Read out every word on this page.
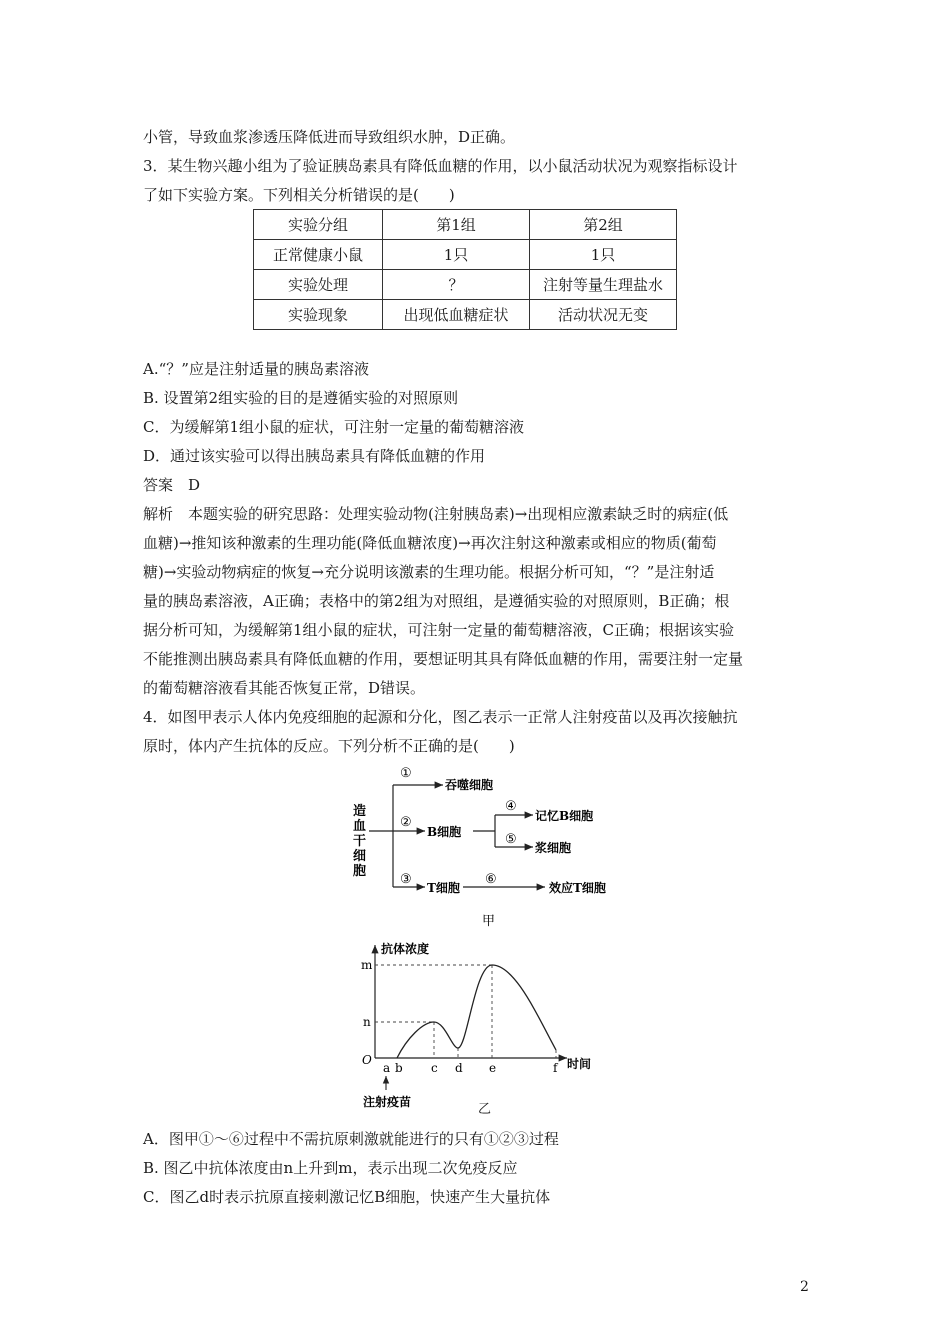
小管，导致血浆渗透压降低进而导致组织水肿，D正确。
3．某生物兴趣小组为了验证胰岛素具有降低血糖的作用，以小鼠活动状况为观察指标设计
了如下实验方案。下列相关分析错误的是(　　)
实验分组	第1组	第2组
正常健康小鼠	1只	1只
实验处理	？	注射等量生理盐水
实验现象	出现低血糖症状	活动状况无变
A.“？”应是注射适量的胰岛素溶液
B. 设置第2组实验的目的是遵循实验的对照原则
C．为缓解第1组小鼠的症状，可注射一定量的葡萄糖溶液
D．通过该实验可以得出胰岛素具有降低血糖的作用
答案　D
解析　本题实验的研究思路：处理实验动物(注射胰岛素)→出现相应激素缺乏时的病症(低
血糖)→推知该种激素的生理功能(降低血糖浓度)→再次注射这种激素或相应的物质(葡萄
糖)→实验动物病症的恢复→充分说明该激素的生理功能。根据分析可知，“？”是注射适
量的胰岛素溶液，A正确；表格中的第2组为对照组，是遵循实验的对照原则，B正确；根
据分析可知，为缓解第1组小鼠的症状，可注射一定量的葡萄糖溶液，C正确；根据该实验
不能推测出胰岛素具有降低血糖的作用，要想证明其具有降低血糖的作用，需要注射一定量
的葡萄糖溶液看其能否恢复正常，D错误。
4．如图甲表示人体内免疫细胞的起源和分化，图乙表示一正常人注射疫苗以及再次接触抗
原时，体内产生抗体的反应。下列分析不正确的是(　　)
造
血
干
细
胞
①
②
③
吞噬细胞
B细胞
T细胞
④
⑤
记忆B细胞
浆细胞
⑥
效应T细胞
甲
抗体浓度
时间
O
m
n
a b c d e	f
注射疫苗	乙
A．图甲①～⑥过程中不需抗原刺激就能进行的只有①②③过程
B. 图乙中抗体浓度由n上升到m，表示出现二次免疫反应
C．图乙d时表示抗原直接刺激记忆B细胞，快速产生大量抗体
2
